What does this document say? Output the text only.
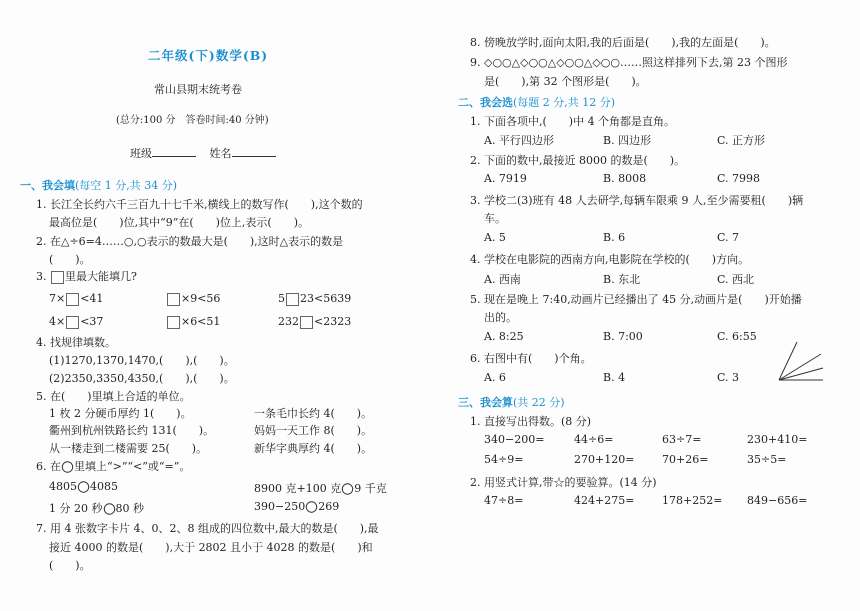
二年级(下)数学(B)
常山县期末统考卷
(总分:100 分　答卷时间:40 分钟)
班级	姓名
一、我会填(每空 1 分,共 34 分)
1. 长江全长约六千三百九十七千米,横线上的数写作(　　),这个数的
最高位是(　　)位,其中“9”在(　　)位上,表示(　　)。
2. 在△÷6=4……○,○表示的数最大是(　　),这时△表示的数是
(　　)。
3. 里最大能填几?
7× <41	×9<56	5 23<5639
4× <37	×6<51	232 <2323
4. 找规律填数。
(1)1270,1370,1470,(　　),(　　)。
(2)2350,3350,4350,(　　),(　　)。
5. 在(　　)里填上合适的单位。
1 枚 2 分硬币厚约 1(　　)。	一条毛巾长约 4(　　)。
衢州到杭州铁路长约 131(　　)。	妈妈一天工作 8(　　)。
从一楼走到二楼需要 25(　　)。	新华字典厚约 4(　　)。
6. 在 里填上“>”“<”或“=”。
4805 4085	8900 克+100 克 9 千克
1 分 20 秒 80 秒	390−250 269
7. 用 4 张数字卡片 4、0、2、8 组成的四位数中,最大的数是(　　),最
接近 4000 的数是(　　),大于 2802 且小于 4028 的数是(　　)和
(　　)。
8. 傍晚放学时,面向太阳,我的后面是(　　),我的左面是(　　)。
9. ◇○○△◇○○△◇○○△◇○○……照这样排列下去,第 23 个图形
是(　　),第 32 个图形是(　　)。
二、我会选(每题 2 分,共 12 分)
1. 下面各项中,(　　)中 4 个角都是直角。
A. 平行四边形	B. 四边形	C. 正方形
2. 下面的数中,最接近 8000 的数是(　　)。
A. 7919	B. 8008	C. 7998
3. 学校二(3)班有 48 人去研学,每辆车限乘 9 人,至少需要租(　　)辆
车。
A. 5	B. 6	C. 7
4. 学校在电影院的西南方向,电影院在学校的(　　)方向。
A. 西南	B. 东北	C. 西北
5. 现在是晚上 7:40,动画片已经播出了 45 分,动画片是(　　)开始播
出的。
A. 8:25	B. 7:00	C. 6:55
6. 右图中有(　　)个角。
A. 6	B. 4	C. 3
三、我会算(共 22 分)
1. 直接写出得数。(8 分)
340−200=	44÷6=	63÷7=	230+410=
54÷9=	270+120=	70+26=	35÷5=
2. 用竖式计算,带☆的要验算。(14 分)
47÷8=	424+275=	178+252= 849−656=
